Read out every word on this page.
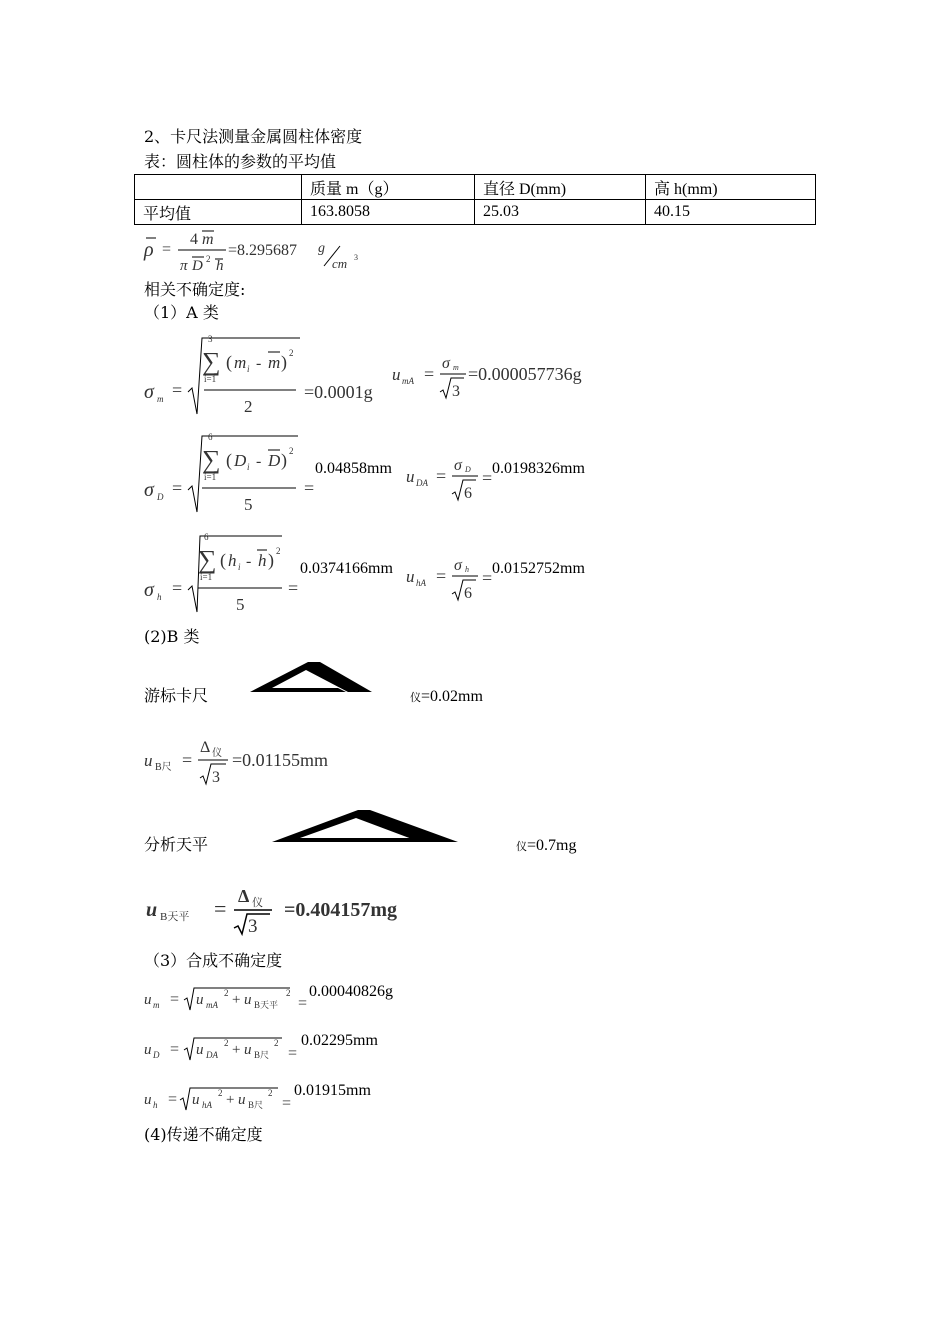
2、卡尺法测量金属圆柱体密度
表：圆柱体的参数的平均值
	质量 m（g）	直径 D(mm)	高 h(mm)
平均值	163.8058	25.03	40.15
ρ =
4 m
π D 2 h
=8.295687 g
cm 3
相关不确定度:
（1）A 类
σ m =
3
∑
i=1
( m i - m ) 2
2
=0.0001g
u mA =
σ m
3
=0.000057736g
σ D =
6
∑
i=1
( D i - D ) 2
5
=
0.04858mm u DA =
σ D
6
= 0.0198326mm
σ h =
6
∑
i=1
( h i - h ) 2
5
=
0.0374166mm u hA =
σ h
6
= 0.0152752mm
(2)B 类
游标卡尺	仪=0.02mm
u B尺 =
Δ 仪
3
=0.01155mm
分析天平	仪=0.7mg
u B天平 = Δ 仪
3
=0.404157mg
（3）合成不确定度
u m = u mA
2 + u B天平
2
=
0.00040826g
u D = u DA
2 + u B尺
2
=
0.02295mm
u h = u hA
2 + u B尺
2
=
0.01915mm
(4)传递不确定度
